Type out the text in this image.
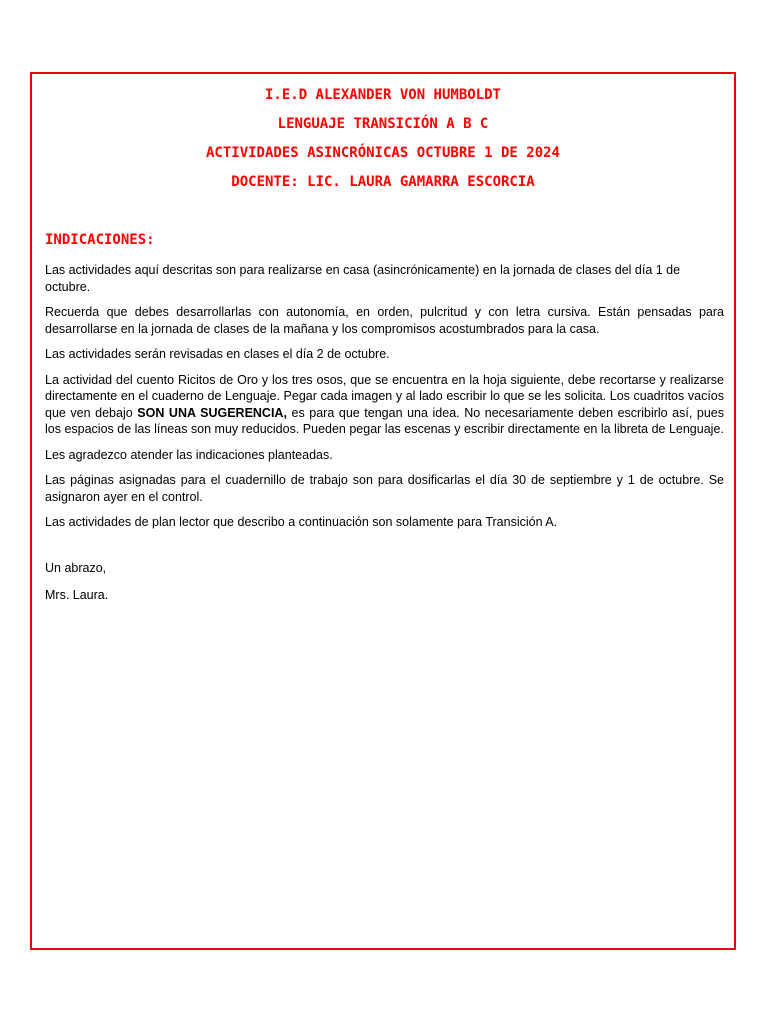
I.E.D ALEXANDER VON HUMBOLDT
LENGUAJE TRANSICIÓN A B C
ACTIVIDADES ASINCRÓNICAS OCTUBRE 1 DE 2024
DOCENTE: LIC. LAURA GAMARRA ESCORCIA
INDICACIONES:

Las actividades aquí descritas son para realizarse en casa (asincrónicamente) en la jornada de clases del día 1 de octubre.

Recuerda que debes desarrollarlas con autonomía, en orden, pulcritud y con letra cursiva. Están pensadas para desarrollarse en la jornada de clases de la mañana y los compromisos acostumbrados para la casa.

Las actividades serán revisadas en clases el día 2 de octubre.

La actividad del cuento Ricitos de Oro y los tres osos, que se encuentra en la hoja siguiente, debe recortarse y realizarse directamente en el cuaderno de Lenguaje. Pegar cada imagen y al lado escribir lo que se les solicita. Los cuadritos vacíos que ven debajo SON UNA SUGERENCIA, es para que tengan una idea. No necesariamente deben escribirlo así, pues los espacios de las líneas son muy reducidos. Pueden pegar las escenas y escribir directamente en la libreta de Lenguaje.

Les agradezco atender las indicaciones planteadas.

Las páginas asignadas para el cuadernillo de trabajo son para dosificarlas el día 30 de septiembre y 1 de octubre. Se asignaron ayer en el control.

Las actividades de plan lector que describo a continuación son solamente para Transición A.

Un abrazo,

Mrs. Laura.
